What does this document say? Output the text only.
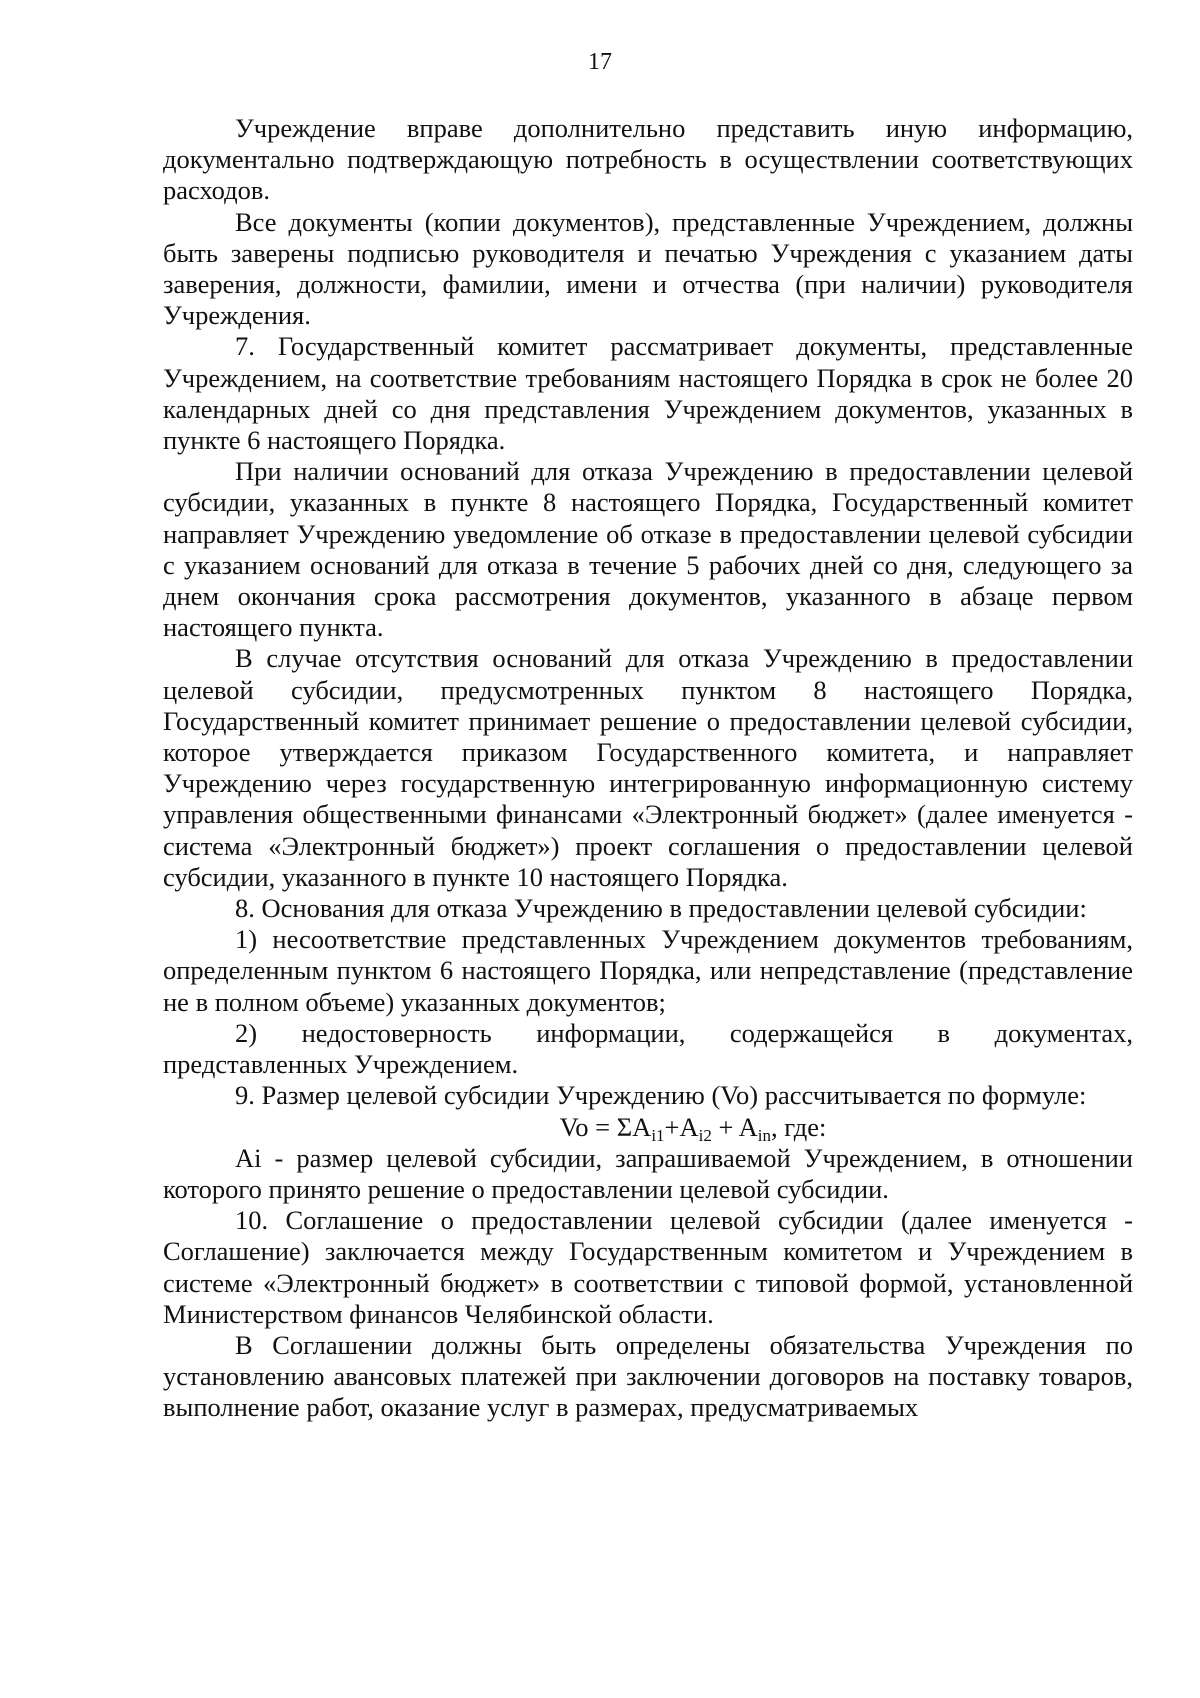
17

Учреждение вправе дополнительно представить иную информацию, документально подтверждающую потребность в осуществлении соответствующих расходов.

Все документы (копии документов), представленные Учреждением, должны быть заверены подписью руководителя и печатью Учреждения с указанием даты заверения, должности, фамилии, имени и отчества (при наличии) руководителя Учреждения.

7. Государственный комитет рассматривает документы, представленные Учреждением, на соответствие требованиям настоящего Порядка в срок не более 20 календарных дней со дня представления Учреждением документов, указанных в пункте 6 настоящего Порядка.

При наличии оснований для отказа Учреждению в предоставлении целевой субсидии, указанных в пункте 8 настоящего Порядка, Государственный комитет направляет Учреждению уведомление об отказе в предоставлении целевой субсидии с указанием оснований для отказа в течение 5 рабочих дней со дня, следующего за днем окончания срока рассмотрения документов, указанного в абзаце первом настоящего пункта.

В случае отсутствия оснований для отказа Учреждению в предоставлении целевой субсидии, предусмотренных пунктом 8 настоящего Порядка, Государственный комитет принимает решение о предоставлении целевой субсидии, которое утверждается приказом Государственного комитета, и направляет Учреждению через государственную интегрированную информационную систему управления общественными финансами «Электронный бюджет» (далее именуется - система «Электронный бюджет») проект соглашения о предоставлении целевой субсидии, указанного в пункте 10 настоящего Порядка.

8. Основания для отказа Учреждению в предоставлении целевой субсидии:

1) несоответствие представленных Учреждением документов требованиям, определенным пунктом 6 настоящего Порядка, или непредставление (представление не в полном объеме) указанных документов;

2) недостоверность информации, содержащейся в документах, представленных Учреждением.

9. Размер целевой субсидии Учреждению (Vo) рассчитывается по формуле:

$Vo = \Sigma A_{i1}+A_{i2} + A_{in}$, где:

Ai - размер целевой субсидии, запрашиваемой Учреждением, в отношении которого принято решение о предоставлении целевой субсидии.

10. Соглашение о предоставлении целевой субсидии (далее именуется - Соглашение) заключается между Государственным комитетом и Учреждением в системе «Электронный бюджет» в соответствии с типовой формой, установленной Министерством финансов Челябинской области.

В Соглашении должны быть определены обязательства Учреждения по установлению авансовых платежей при заключении договоров на поставку товаров, выполнение работ, оказание услуг в размерах, предусматриваемых
